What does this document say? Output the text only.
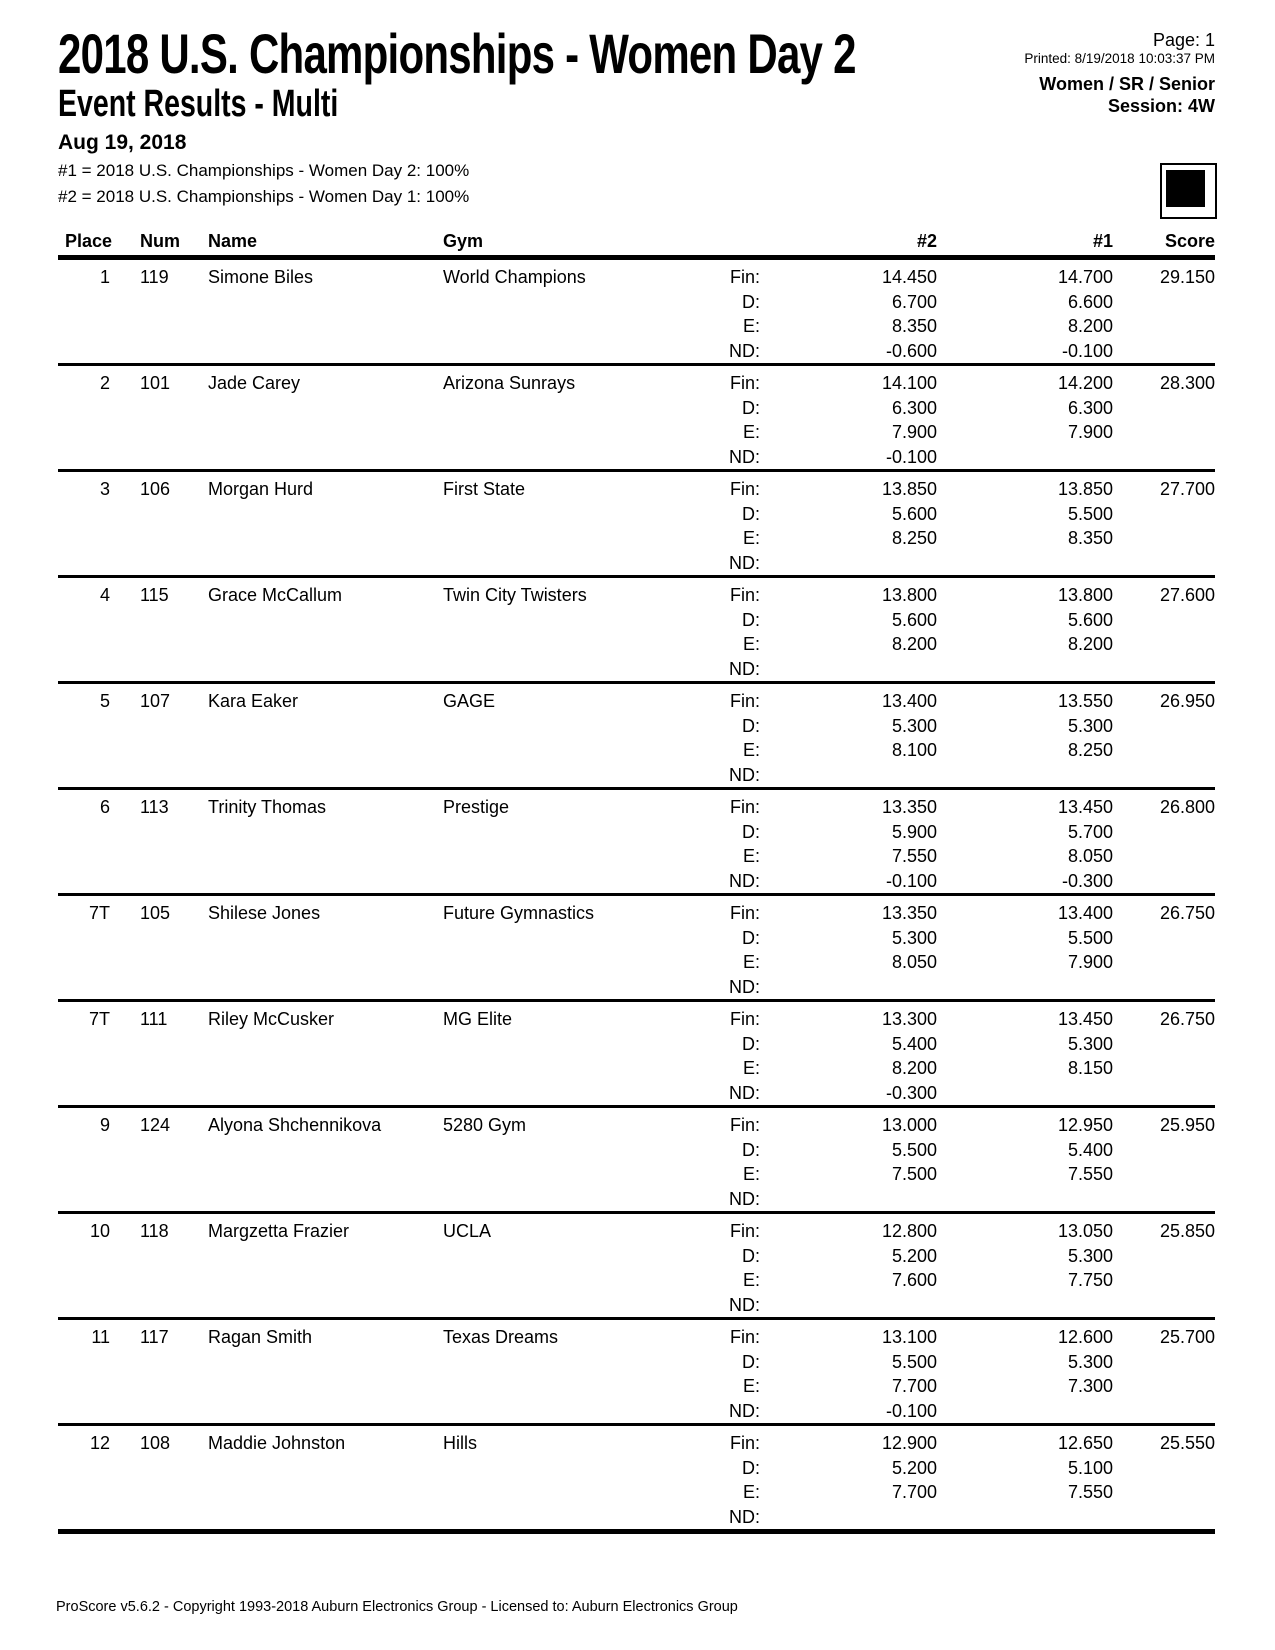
2018 U.S. Championships - Women Day 2
Event Results - Multi
Aug 19, 2018
Page: 1
Printed: 8/19/2018 10:03:37 PM
Women / SR / Senior
Session: 4W
#1 = 2018 U.S. Championships - Women Day 2: 100%
#2 = 2018 U.S. Championships - Women Day 1: 100%
Place	Num	Name	Gym	#2	#1	Score
1	119	Simone Biles	World Champions	Fin:	14.450	14.700	29.150
D:	6.700	6.600
E:	8.350	8.200
ND:	-0.600	-0.100
2	101	Jade Carey	Arizona Sunrays	Fin:	14.100	14.200	28.300
D:	6.300	6.300
E:	7.900	7.900
ND:	-0.100
3	106	Morgan Hurd	First State	Fin:	13.850	13.850	27.700
D:	5.600	5.500
E:	8.250	8.350
ND:
4	115	Grace McCallum	Twin City Twisters	Fin:	13.800	13.800	27.600
D:	5.600	5.600
E:	8.200	8.200
ND:
5	107	Kara Eaker	GAGE	Fin:	13.400	13.550	26.950
D:	5.300	5.300
E:	8.100	8.250
ND:
6	113	Trinity Thomas	Prestige	Fin:	13.350	13.450	26.800
D:	5.900	5.700
E:	7.550	8.050
ND:	-0.100	-0.300
7T	105	Shilese Jones	Future Gymnastics	Fin:	13.350	13.400	26.750
D:	5.300	5.500
E:	8.050	7.900
ND:
7T	111	Riley McCusker	MG Elite	Fin:	13.300	13.450	26.750
D:	5.400	5.300
E:	8.200	8.150
ND:	-0.300
9	124	Alyona Shchennikova	5280 Gym	Fin:	13.000	12.950	25.950
D:	5.500	5.400
E:	7.500	7.550
ND:
10	118	Margzetta Frazier	UCLA	Fin:	12.800	13.050	25.850
D:	5.200	5.300
E:	7.600	7.750
ND:
11	117	Ragan Smith	Texas Dreams	Fin:	13.100	12.600	25.700
D:	5.500	5.300
E:	7.700	7.300
ND:	-0.100
12	108	Maddie Johnston	Hills	Fin:	12.900	12.650	25.550
D:	5.200	5.100
E:	7.700	7.550
ND:
ProScore v5.6.2 - Copyright 1993-2018 Auburn Electronics Group - Licensed to: Auburn Electronics Group
